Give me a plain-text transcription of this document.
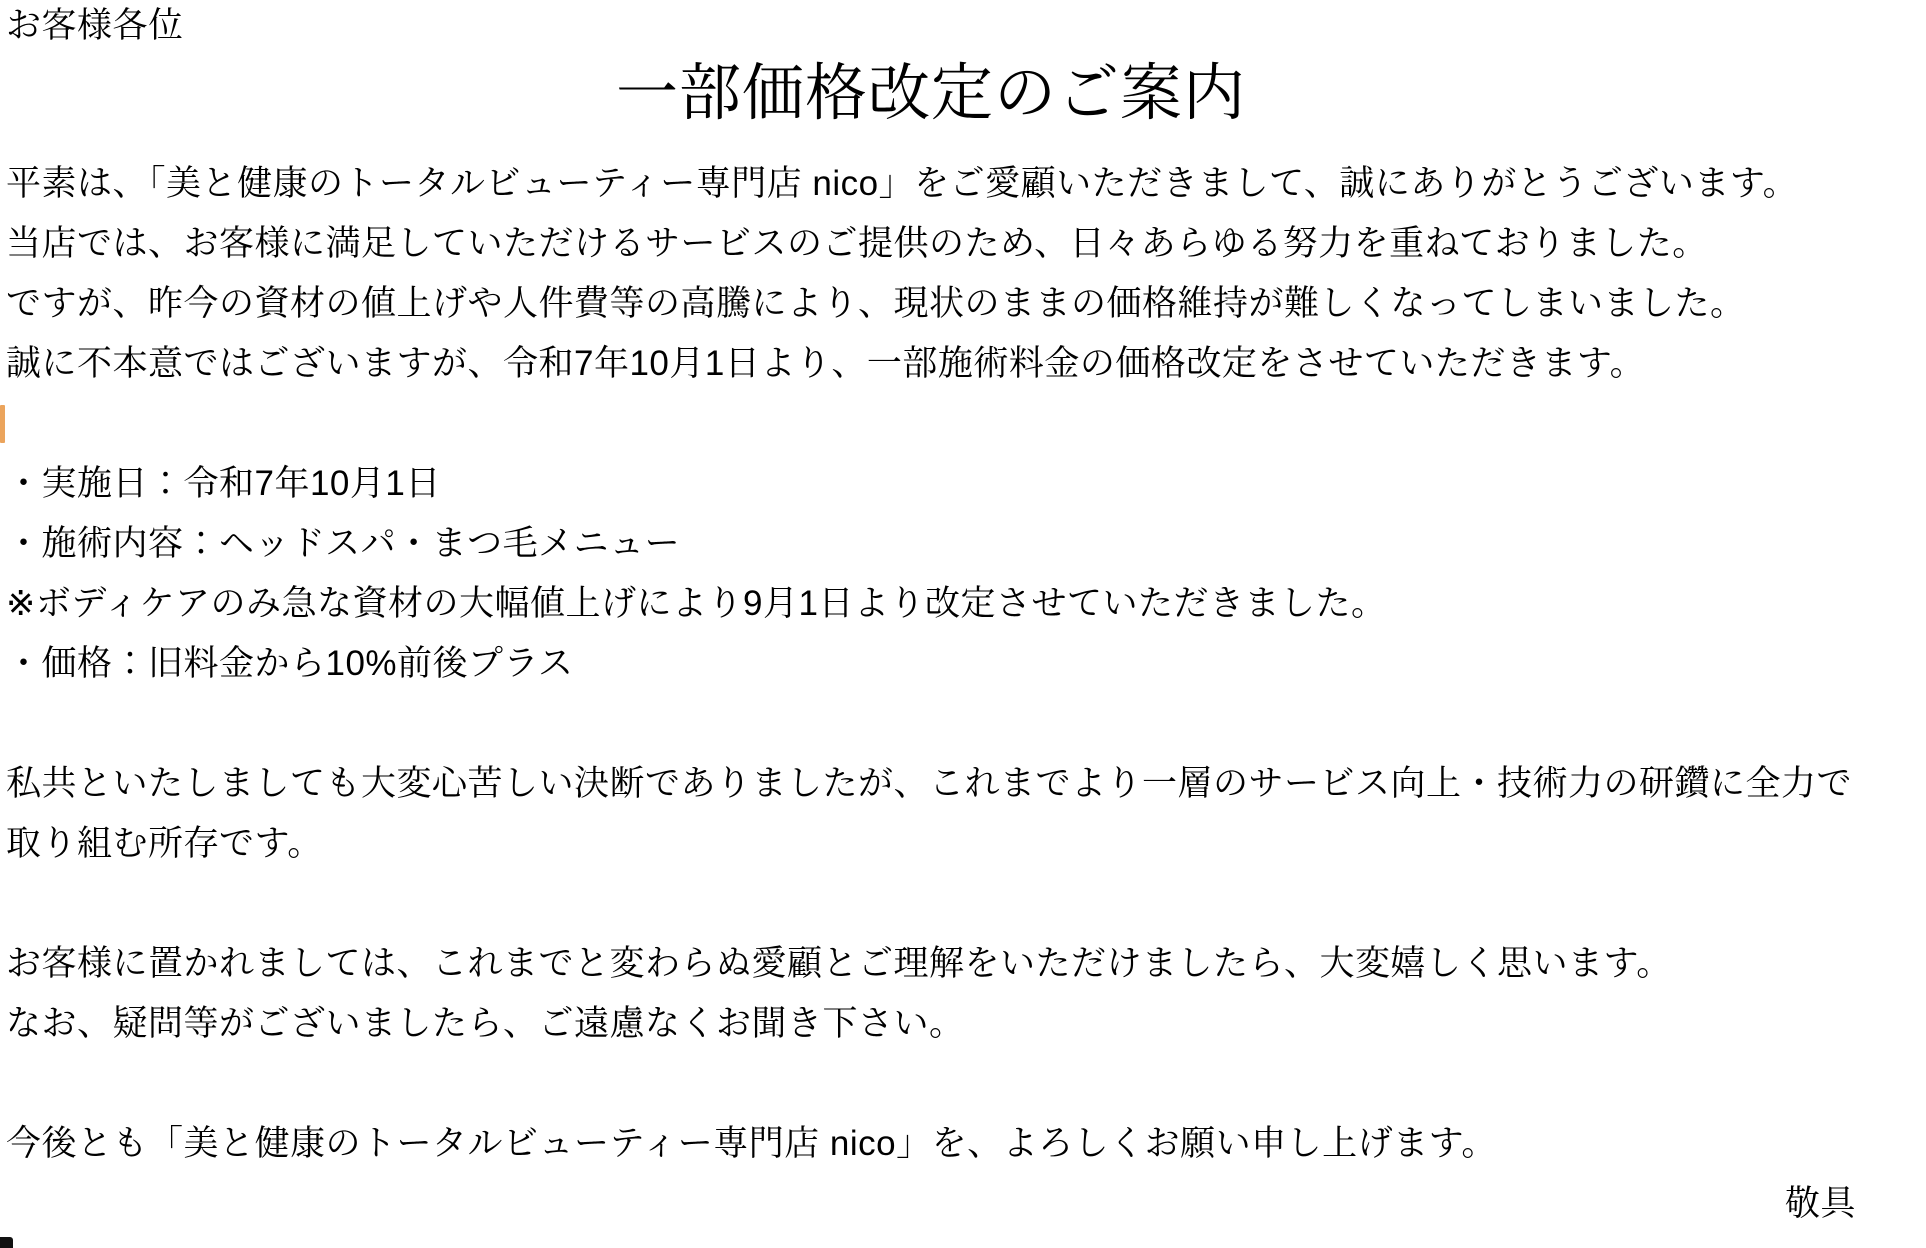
お客様各位
一部価格改定のご案内
平素は、「美と健康のトータルビューティー専門店 nico」をご愛顧いただきまして、誠にありがとうございます。
当店では、お客様に満足していただけるサービスのご提供のため、日々あらゆる努力を重ねておりました。
ですが、昨今の資材の値上げや人件費等の高騰により、現状のままの価格維持が難しくなってしまいました。
誠に不本意ではございますが、令和7年10月1日より、一部施術料金の価格改定をさせていただきます。
・実施日：令和7年10月1日
・施術内容：ヘッドスパ・まつ毛メニュー
※ボディケアのみ急な資材の大幅値上げにより9月1日より改定させていただきました。
・価格：旧料金から10%前後プラス
私共といたしましても大変心苦しい決断でありましたが、これまでより一層のサービス向上・技術力の研鑽に全力で
取り組む所存です。
お客様に置かれましては、これまでと変わらぬ愛顧とご理解をいただけましたら、大変嬉しく思います。
なお、疑問等がございましたら、ご遠慮なくお聞き下さい。
今後とも「美と健康のトータルビューティー専門店 nico」を、よろしくお願い申し上げます。
敬具
